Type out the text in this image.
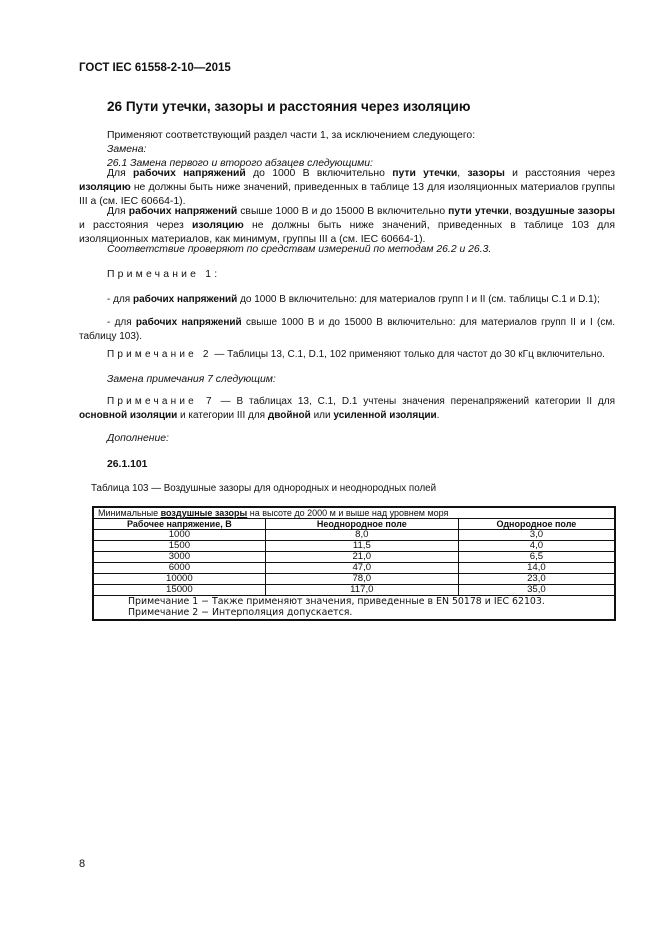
ГОСТ IEC 61558-2-10—2015
26 Пути утечки, зазоры и расстояния через изоляцию
Применяют соответствующий раздел части 1, за исключением следующего:
Замена:
26.1 Замена первого и второго абзацев следующими:
Для рабочих напряжений до 1000 В включительно пути утечки, зазоры и расстояния через изоляцию не должны быть ниже значений, приведенных в таблице 13 для изоляционных материалов группы III а (см. IEC 60664-1).
Для рабочих напряжений свыше 1000 В и до 15000 В включительно пути утечки, воздушные зазоры и расстояния через изоляцию не должны быть ниже значений, приведенных в таблице 103 для изоляционных материалов, как минимум, группы III а (см. IEC 60664-1).
Соответствие проверяют по средствам измерений по методам 26.2 и 26.3.
Примечание 1:
- для рабочих напряжений до 1000 В включительно: для материалов групп I и II (см. таблицы С.1 и D.1);
- для рабочих напряжений свыше 1000 В и до 15000 В включительно: для материалов групп II и I (см. таблицу 103).
Примечание 2 — Таблицы 13, С.1, D.1, 102 применяют только для частот до 30 кГц включительно.
Замена примечания 7 следующим:
Примечание 7 — В таблицах 13, С.1, D.1 учтены значения перенапряжений категории II для основной изоляции и категории III для двойной или усиленной изоляции.
Дополнение:
26.1.101
Таблица 103 — Воздушные зазоры для однородных и неоднородных полей
Минимальные воздушные зазоры на высоте до 2000 м и выше над уровнем моря		
Рабочее напряжение, В	Неоднородное поле	Однородное поле
1000	8,0	3,0
1500	11,5	4,0
3000	21,0	6,5
6000	47,0	14,0
10000	78,0	23,0
15000	117,0	35,0

Примечание 1 − Также применяют значения, приведенные в EN 50178 и IEC 62103.
Примечание 2 − Интерполяция допускается.		
8
